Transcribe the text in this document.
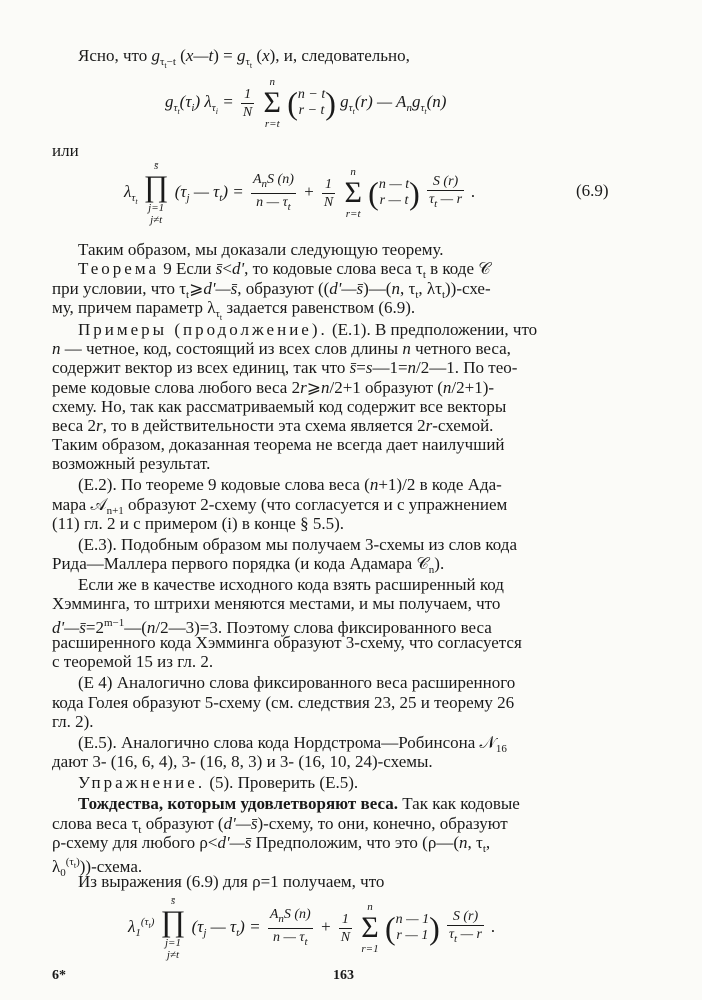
Ясно, что $g_{\tau_t-t}$ (x—t) = $g_{\tau_t}$ (x), и, следовательно,
$g_{\tau_t}(\tau_i) \lambda_{\tau_i} = \frac{1}{N}$

n
Σ
r=t
(n − t
r − t) $g_{\tau_t}(r)$ — $A_ng_{\tau_t}(n)$
или
$\lambda_{\tau_t}$
s̄
∏
j=1
j≠t
($\tau_j$ — $\tau_t) = \frac{A_nS (n)}{n — \tau_t} + \frac{1}{N}$

n
Σ
r=t
(n — t
r — $t) \frac{S (r)}{\tau_t — r}$ .	(6.9)
Таким образом, мы доказали следующую теорему.
Теорема 9 Если s̄<d', то кодовые слова веса $\tau_t$ в коде 𝒞
при условии, что $\tau_t⩾d'—s̄$, образуют ((d'—s̄)—(n, $\tau_t$, $\lambda\tau_t))-схе-$
му, причем параметр $\lambda_{\tau_t}$ задается равенством (6.9).
Примеры (продолжение). (Е.1). В предположении, что
n — четное, код, состоящий из всех слов длины n четного веса,
содержит вектор из всех единиц, так что s̄=s—1=n/2—1. По тео-
реме кодовые слова любого веса 2r⩾n/2+1 образуют (n/2+1)-
схему. Но, так как рассматриваемый код содержит все векторы
веса 2r, то в действительности эта схема является 2r-схемой.
Таким образом, доказанная теорема не всегда дает наилучший
возможный результат.
(Е.2). По теореме 9 кодовые слова веса (n+1)/2 в коде Ада-
мара 𝒜$_{n+1}$ образуют 2-схему (что согласуется и с упражнением
(11) гл. 2 и с примером (i) в конце § 5.5).
(Е.3). Подобным образом мы получаем 3-схемы из слов кода
Рида—Маллера первого порядка (и кода Адамара 𝒞$_n$).
Если же в качестве исходного кода взять расширенный код
Хэмминга, то штрихи меняются местами, и мы получаем, что
$d'—s̄=2^{m-1}—(n/2—3)=3$. Поэтому слова фиксированного веса
расширенного кода Хэмминга образуют 3-схему, что согласуется
с теоремой 15 из гл. 2.
(Е 4) Аналогично слова фиксированного веса расширенного
кода Голея образуют 5-схему (см. следствия 23, 25 и теорему 26
гл. 2).
(Е.5). Аналогично слова кода Нордстрома—Робинсона 𝒩$_{16}$
дают 3- (16, 6, 4), 3- (16, 8, 3) и 3- (16, 10, 24)-схемы.
Упражнение. (5). Проверить (Е.5).
Тождества, которым удовлетворяют веса. Так как кодовые
слова веса $\tau_t$ образуют (d'—s̄)-схему, то они, конечно, образуют
ρ-схему для любого ρ<d'—s̄ Предположим, что это (ρ—(n, $\tau_t$,
$\lambda_0^{(\tau_t)}$))-схема.
Из выражения (6.9) для ρ=1 получаем, что
$\lambda_1^{(\tau_t)}$
s̄
∏
j=1
j≠t
($\tau_j$ — $\tau_t) = \frac{A_nS (n)}{n — \tau_t} + \frac{1}{N}$

n
Σ
r=1
(n — 1
r — $1) \frac{S (r)}{\tau_t — r}$ .
6*	163
